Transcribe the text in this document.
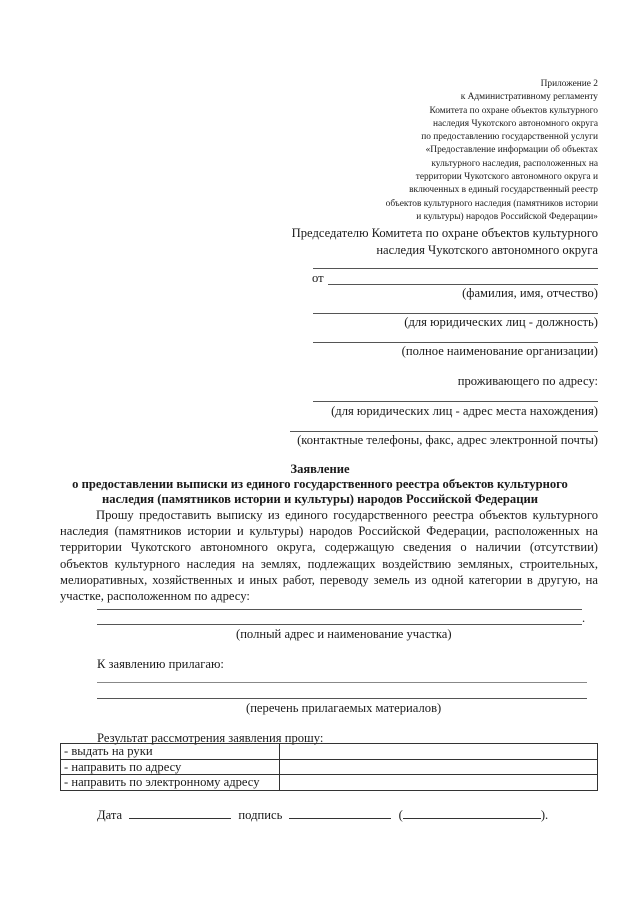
Приложение 2
к Административному регламенту
Комитета по охране объектов культурного
наследия Чукотского автономного округа
по предоставлению государственной услуги
«Предоставление информации об объектах
культурного наследия, расположенных на
территории Чукотского автономного округа и
включенных в единый государственный реестр
объектов культурного наследия (памятников истории
и культуры) народов Российской Федерации»
Председателю Комитета по охране объектов культурного
наследия Чукотского автономного округа
от
(фамилия, имя, отчество)
(для юридических лиц - должность)
(полное наименование организации)
проживающего по адресу:
(для юридических лиц - адрес места нахождения)
(контактные телефоны, факс, адрес электронной почты)
Заявление
о предоставлении выписки из единого государственного реестра объектов культурного
наследия (памятников истории и культуры) народов Российской Федерации

Прошу предоставить выписку из единого государственного реестра объектов культурного наследия (памятников истории и культуры) народов Российской Федерации, расположенных на территории Чукотского автономного округа, содержащую сведения о наличии (отсутствии) объектов культурного наследия на землях, подлежащих воздействию земляных, строительных, мелиоративных, хозяйственных и иных работ, переводу земель из одной категории в другую, на участке, расположенном по адресу:

.
(полный адрес и наименование участка)
К заявлению прилагаю:
(перечень прилагаемых материалов)
Результат рассмотрения заявления прошу:
- выдать на руки	
- направить по адресу	
- направить по электронному адресу	
Дата	подпись	(	).
